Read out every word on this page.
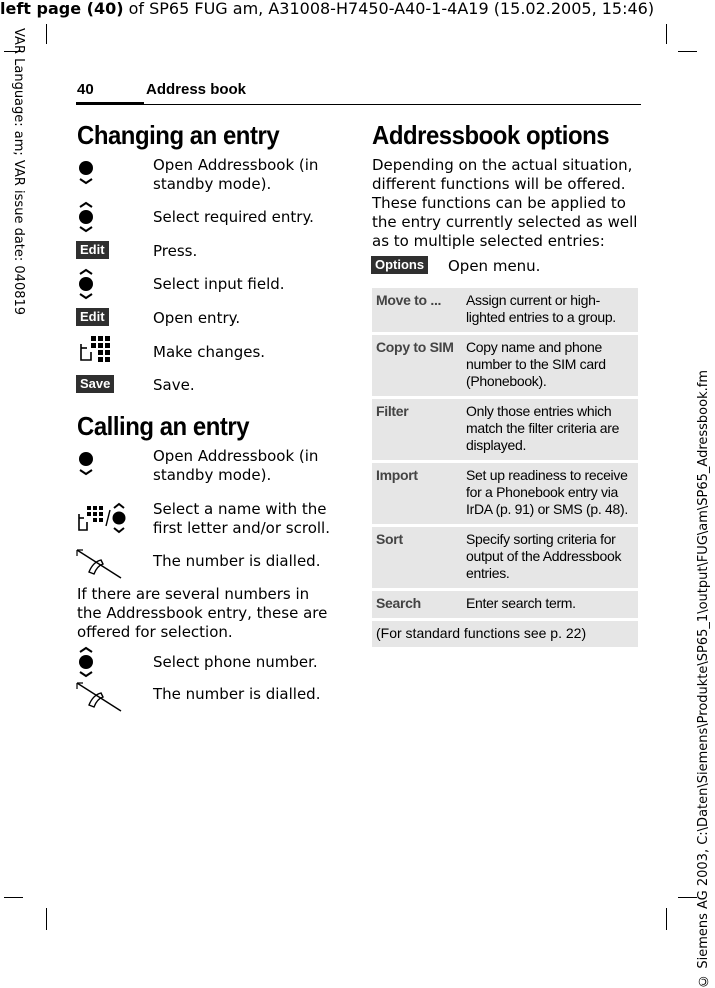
left page (40) of SP65 FUG am, A31008-H7450-A40-1-4A19 (15.02.2005, 15:46)
VAR Language: am; VAR issue date: 040819
© Siemens AG 2003, C:\Daten\Siemens\Produkte\SP65_1\output\FUG\am\SP65_Adressbook.fm
40	Address book
Changing an entry
Open Addressbook (in standby mode).
Select required entry.
Edit	Press.
Select input field.
Edit	Open entry.
Make changes.
Save	Save.
Calling an entry
Open Addressbook (in standby mode).
Select a name with the first letter and/or scroll.
The number is dialled.
If there are several numbers in the Addressbook entry, these are offered for selection.
Select phone number.
The number is dialled.
Addressbook options
Depending on the actual situation, different functions will be offered. These functions can be applied to the entry currently selected as well as to multiple selected entries:
Options Open menu.
Move to ...	Assign current or high-lighted entries to a group.
Copy to SIM	Copy name and phone number to the SIM card (Phonebook).
Filter	Only those entries which match the filter criteria are displayed.
Import	Set up readiness to receive for a Phonebook entry via IrDA (p. 91) or SMS (p. 48).
Sort	Specify sorting criteria for output of the Addressbook entries.
Search	Enter search term.
(For standard functions see p. 22)	
